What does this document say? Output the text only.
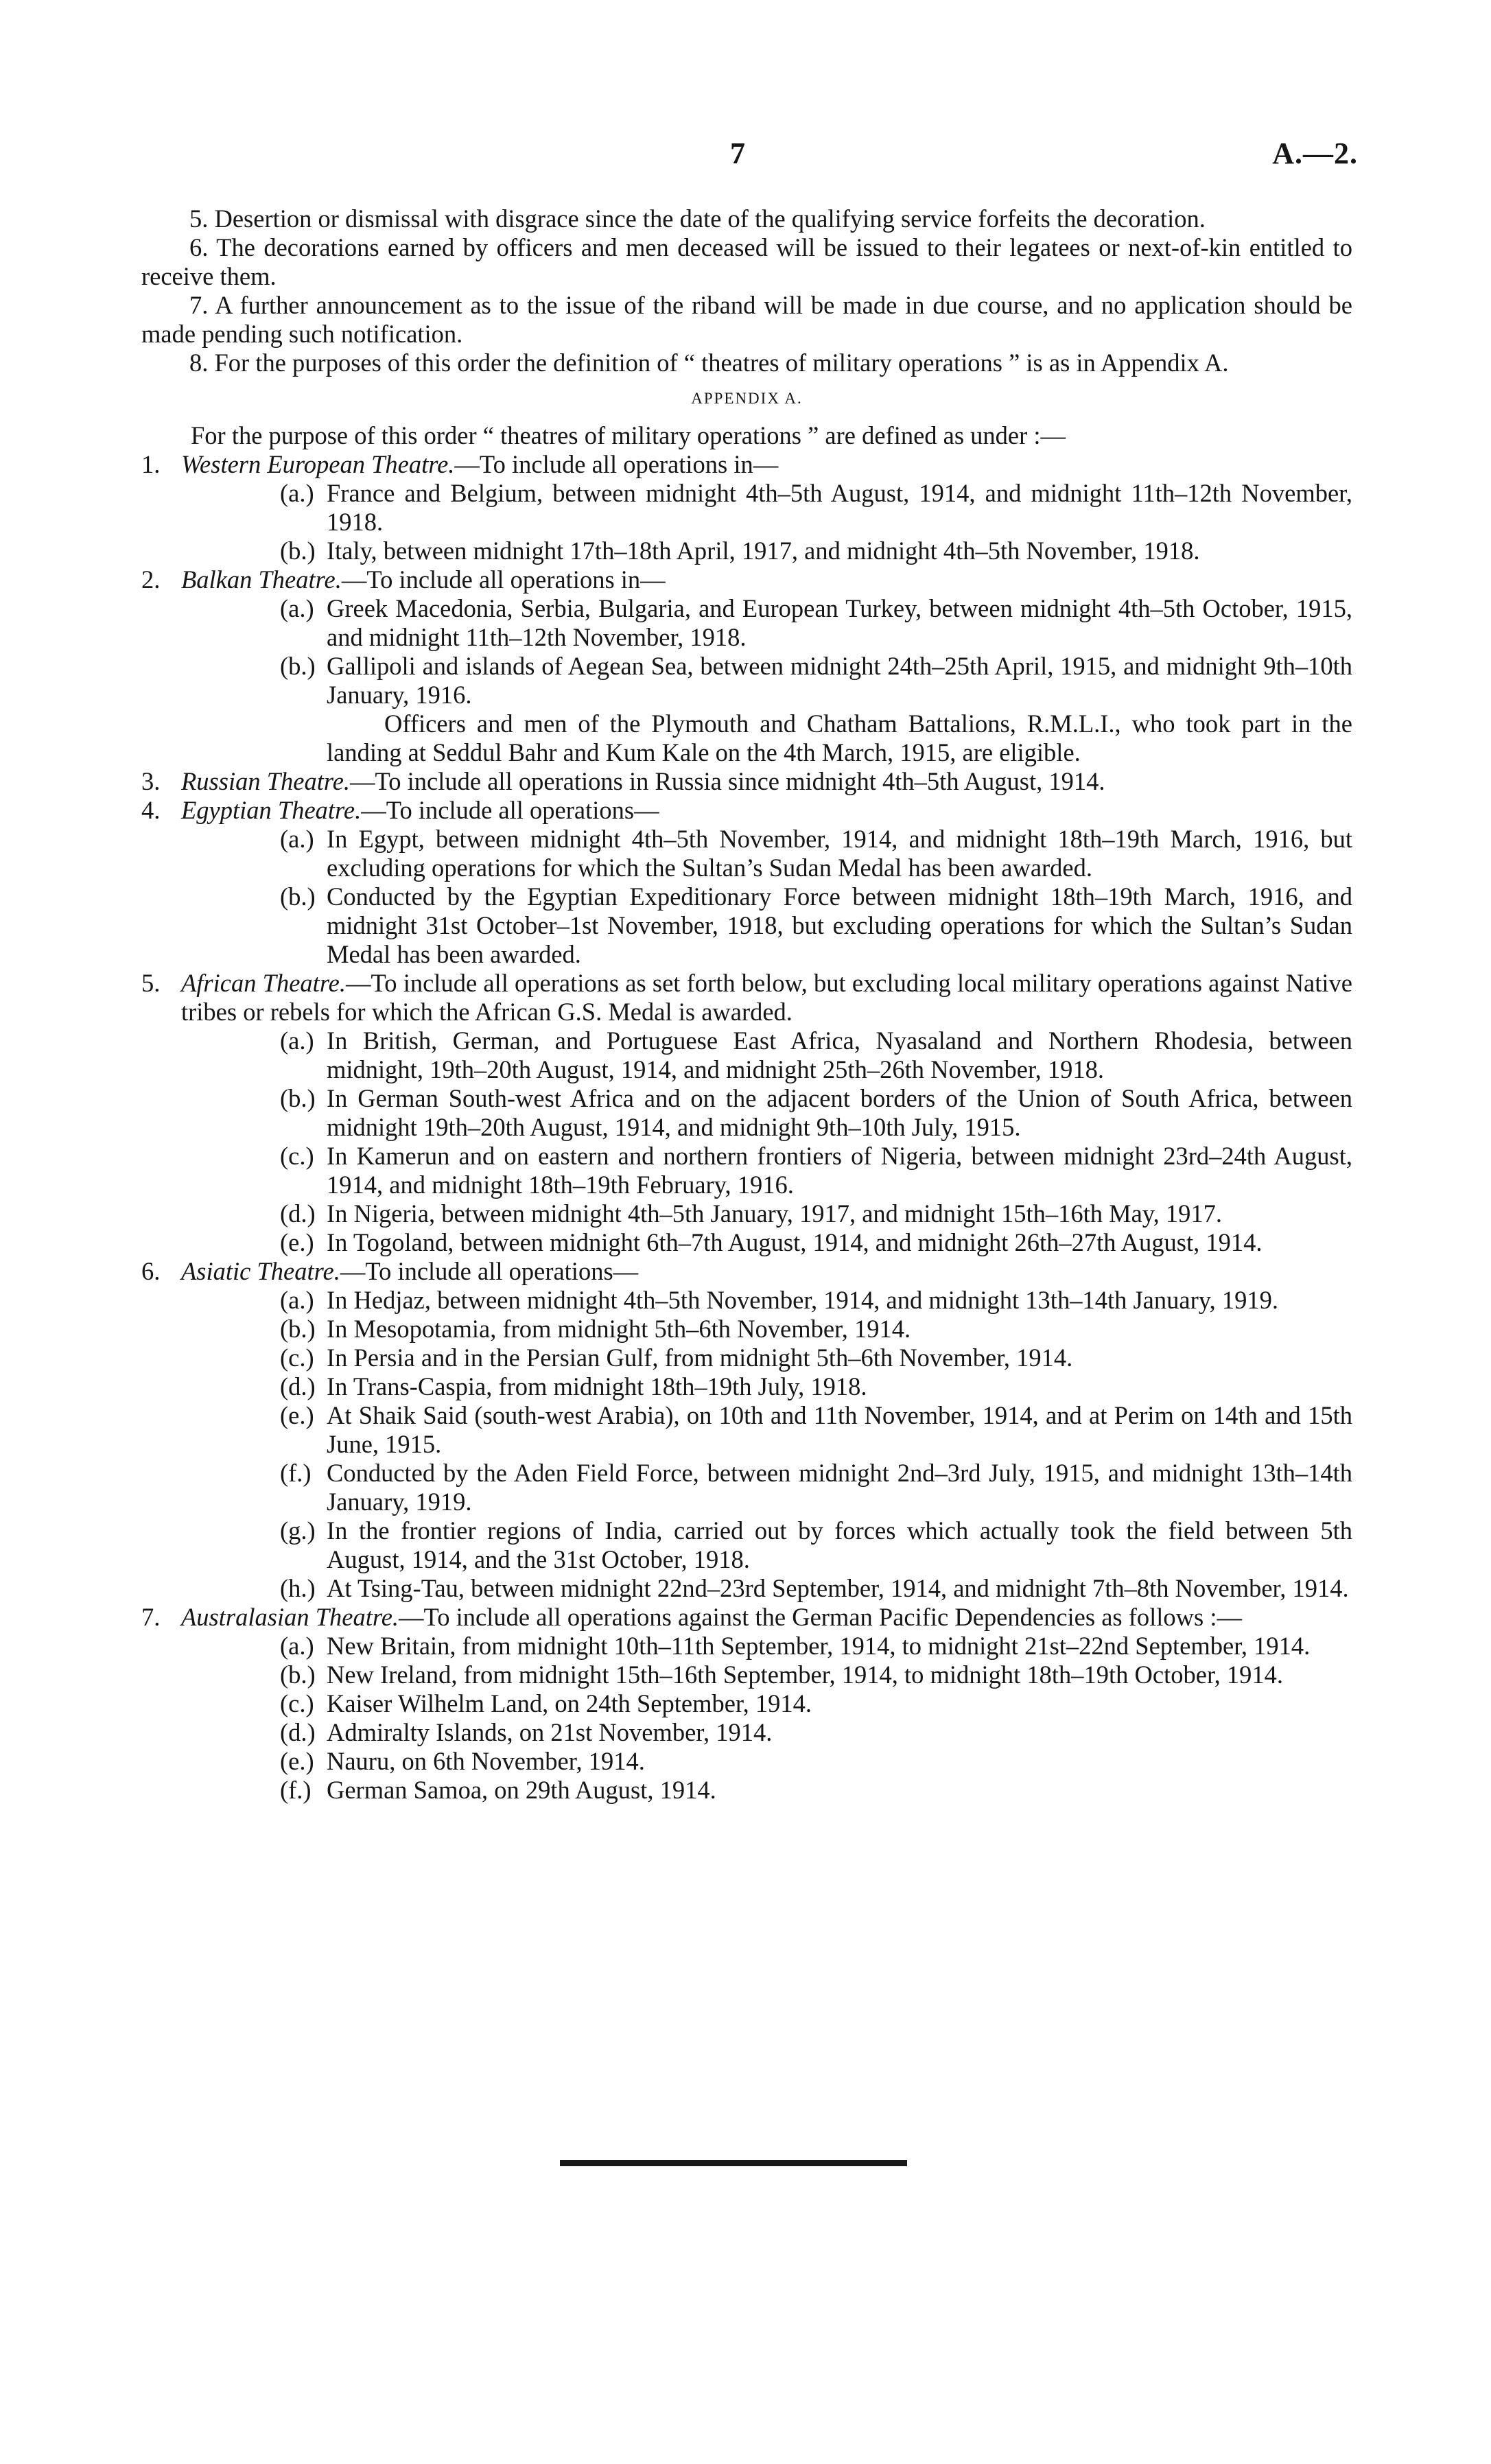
7	A.—2.

5. Desertion or dismissal with disgrace since the date of the qualifying service forfeits the decoration.

6. The decorations earned by officers and men deceased will be issued to their legatees or next-of-kin entitled to receive them.

7. A further announcement as to the issue of the riband will be made in due course, and no application should be made pending such notification.

8. For the purposes of this order the definition of “ theatres of military operations ” is as in Appendix A.

APPENDIX A.

For the purpose of this order “ theatres of military operations ” are defined as under :—

1. Western European Theatre.—To include all operations in—

(a.) France and Belgium, between midnight 4th–5th August, 1914, and midnight 11th–12th November, 1918.

(b.) Italy, between midnight 17th–18th April, 1917, and midnight 4th–5th November, 1918.

2. Balkan Theatre.—To include all operations in—

(a.) Greek Macedonia, Serbia, Bulgaria, and European Turkey, between midnight 4th–5th October, 1915, and midnight 11th–12th November, 1918.

(b.) Gallipoli and islands of Aegean Sea, between midnight 24th–25th April, 1915, and midnight 9th–10th January, 1916.

Officers and men of the Plymouth and Chatham Battalions, R.M.L.I., who took part in the landing at Seddul Bahr and Kum Kale on the 4th March, 1915, are eligible.

3. Russian Theatre.—To include all operations in Russia since midnight 4th–5th August, 1914.

4. Egyptian Theatre.—To include all operations—

(a.) In Egypt, between midnight 4th–5th November, 1914, and midnight 18th–19th March, 1916, but excluding operations for which the Sultan’s Sudan Medal has been awarded.

(b.) Conducted by the Egyptian Expeditionary Force between midnight 18th–19th March, 1916, and midnight 31st October–1st November, 1918, but excluding operations for which the Sultan’s Sudan Medal has been awarded.

5. African Theatre.—To include all operations as set forth below, but excluding local military operations against Native tribes or rebels for which the African G.S. Medal is awarded.

(a.) In British, German, and Portuguese East Africa, Nyasaland and Northern Rhodesia, between midnight, 19th–20th August, 1914, and midnight 25th–26th November, 1918.

(b.) In German South-west Africa and on the adjacent borders of the Union of South Africa, between midnight 19th–20th August, 1914, and midnight 9th–10th July, 1915.

(c.) In Kamerun and on eastern and northern frontiers of Nigeria, between midnight 23rd–24th August, 1914, and midnight 18th–19th February, 1916.

(d.) In Nigeria, between midnight 4th–5th January, 1917, and midnight 15th–16th May, 1917.

(e.) In Togoland, between midnight 6th–7th August, 1914, and midnight 26th–27th August, 1914.

6. Asiatic Theatre.—To include all operations—

(a.) In Hedjaz, between midnight 4th–5th November, 1914, and midnight 13th–14th January, 1919.

(b.) In Mesopotamia, from midnight 5th–6th November, 1914.

(c.) In Persia and in the Persian Gulf, from midnight 5th–6th November, 1914.

(d.) In Trans-Caspia, from midnight 18th–19th July, 1918.

(e.) At Shaik Said (south-west Arabia), on 10th and 11th November, 1914, and at Perim on 14th and 15th June, 1915.

(f.) Conducted by the Aden Field Force, between midnight 2nd–3rd July, 1915, and midnight 13th–14th January, 1919.

(g.) In the frontier regions of India, carried out by forces which actually took the field between 5th August, 1914, and the 31st October, 1918.

(h.) At Tsing-Tau, between midnight 22nd–23rd September, 1914, and midnight 7th–8th November, 1914.

7. Australasian Theatre.—To include all operations against the German Pacific Dependencies as follows :—

(a.) New Britain, from midnight 10th–11th September, 1914, to midnight 21st–22nd September, 1914.

(b.) New Ireland, from midnight 15th–16th September, 1914, to midnight 18th–19th October, 1914.

(c.) Kaiser Wilhelm Land, on 24th September, 1914.

(d.) Admiralty Islands, on 21st November, 1914.

(e.) Nauru, on 6th November, 1914.

(f.) German Samoa, on 29th August, 1914.
